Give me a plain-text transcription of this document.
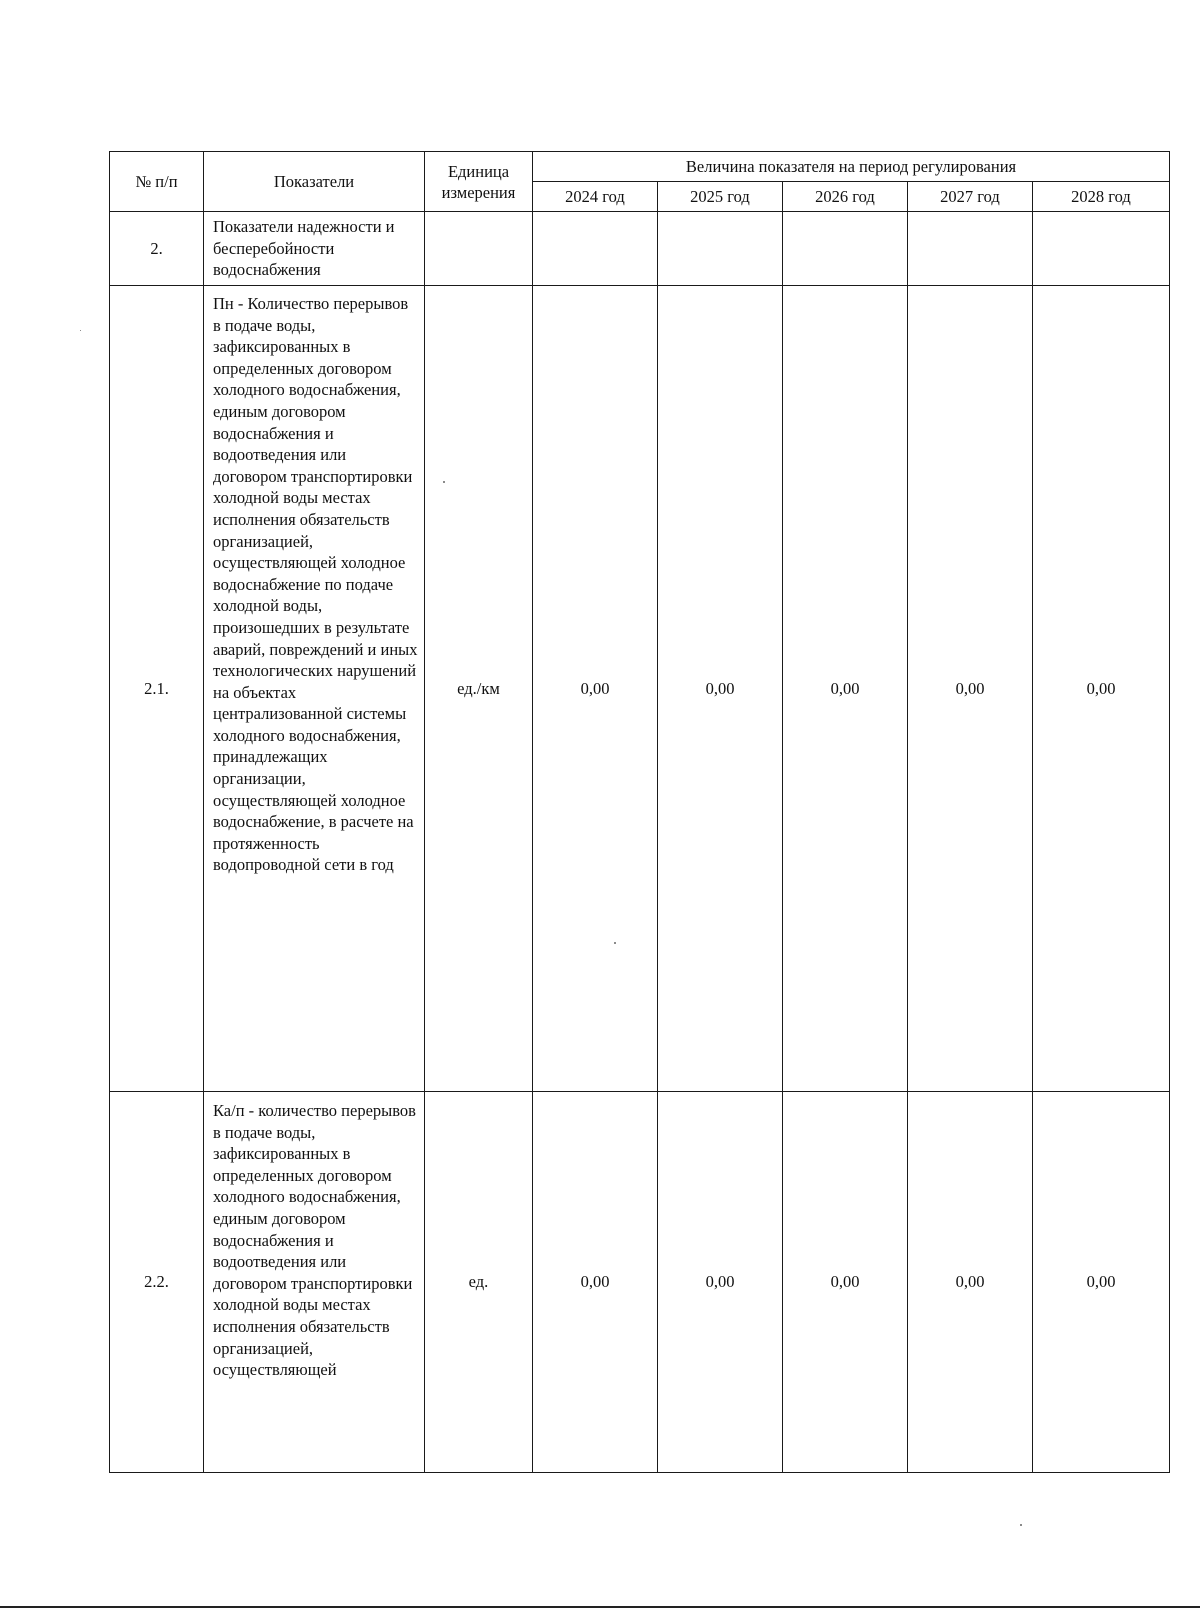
№ п/п	Показатели	Единица измерения	Величина показателя на период регулирования				
			2024 год	2025 год	2026 год	2027 год	2028 год
2.	Показатели надежности и бесперебойности водоснабжения						
2.1.	Пн - Количество перерывов в подаче воды, зафиксированных в определенных договором холодного водоснабжения, единым договором водоснабжения и водоотведения или договором транспортировки холодной воды местах исполнения обязательств организацией, осуществляющей холодное водоснабжение по подаче холодной воды, произошедших в результате аварий, повреждений и иных технологических нарушений на объектах централизованной системы холодного водоснабжения, принадлежащих организации, осуществляющей холодное водоснабжение, в расчете на протяженность водопроводной сети в год	ед./км	0,00	0,00	0,00	0,00	0,00
2.2.	Ка/п - количество перерывов в подаче воды, зафиксированных в определенных договором холодного водоснабжения, единым договором водоснабжения и водоотведения или договором транспортировки холодной воды местах исполнения обязательств организацией, осуществляющей	ед.	0,00	0,00	0,00	0,00	0,00
